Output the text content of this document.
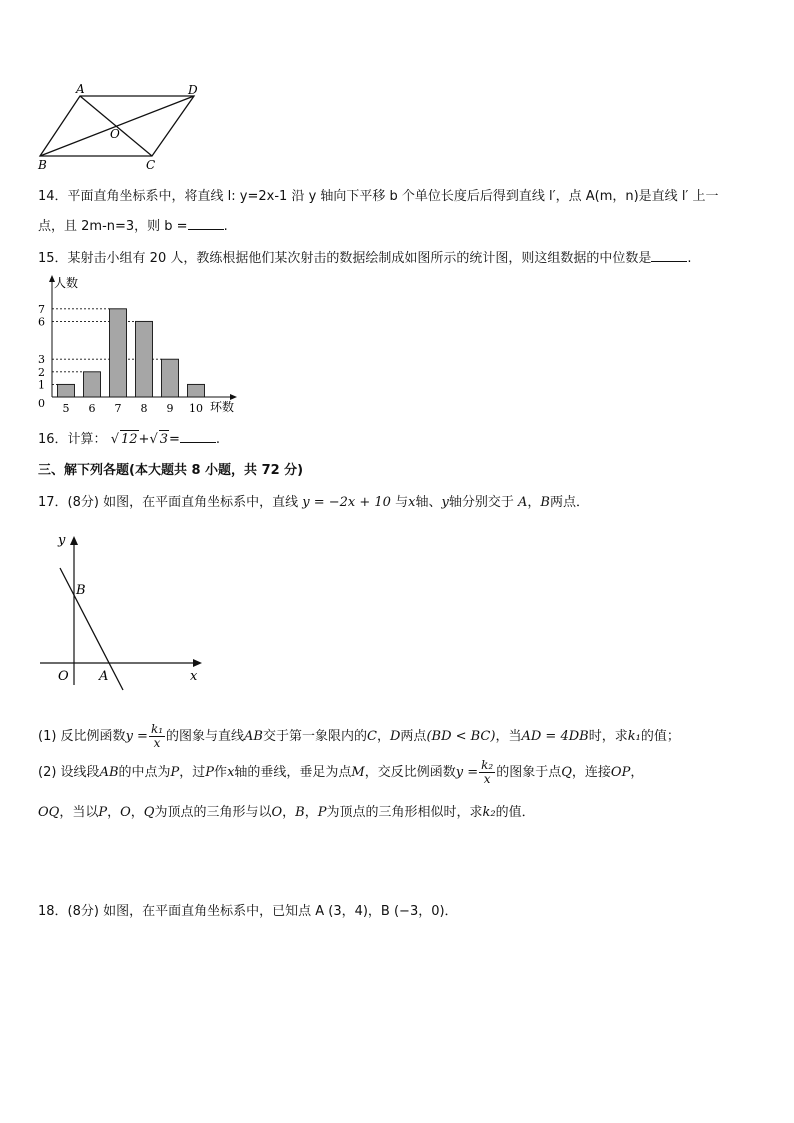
A	D
O
B	C
14．平面直角坐标系中，将直线 l: y=2x-1 沿 y 轴向下平移 b 个单位长度后后得到直线 l′，点 A(m，n)是直线 l′ 上一
点，且 2m-n=3，则 b =	.
15．某射击小组有 20 人，教练根据他们某次射击的数据绘制成如图所示的统计图，则这组数据的中位数是	.
人数
环数
0
1
2
3
6
7
5 6 7 8 9 10
16．计算： √ 12+√ 3=	.
三、解下列各题(本大题共 8 小题，共 72 分)
17．(8分) 如图，在平面直角坐标系中，直线 y = −2x + 10 与x轴、y轴分别交于 A，B两点．
y
x
O A
B
(1) 反比例函数$y = \frac{\text{k₁}}{x}$ 的图象与直线AB交于第一象限内的C，D两点(BD < BC)，当AD = 4DB时，求k₁的值；
(2) 设线段AB的中点为P，过P作x轴的垂线，垂足为点M，交反比例函数$y = \frac{\text{k₂}}{x}$ 的图象于点Q，连接OP，
OQ，当以P，O，Q为顶点的三角形与以O，B，P为顶点的三角形相似时，求k₂的值．
18．(8分) 如图，在平面直角坐标系中，已知点 A (3，4)，B (−3，0)．
